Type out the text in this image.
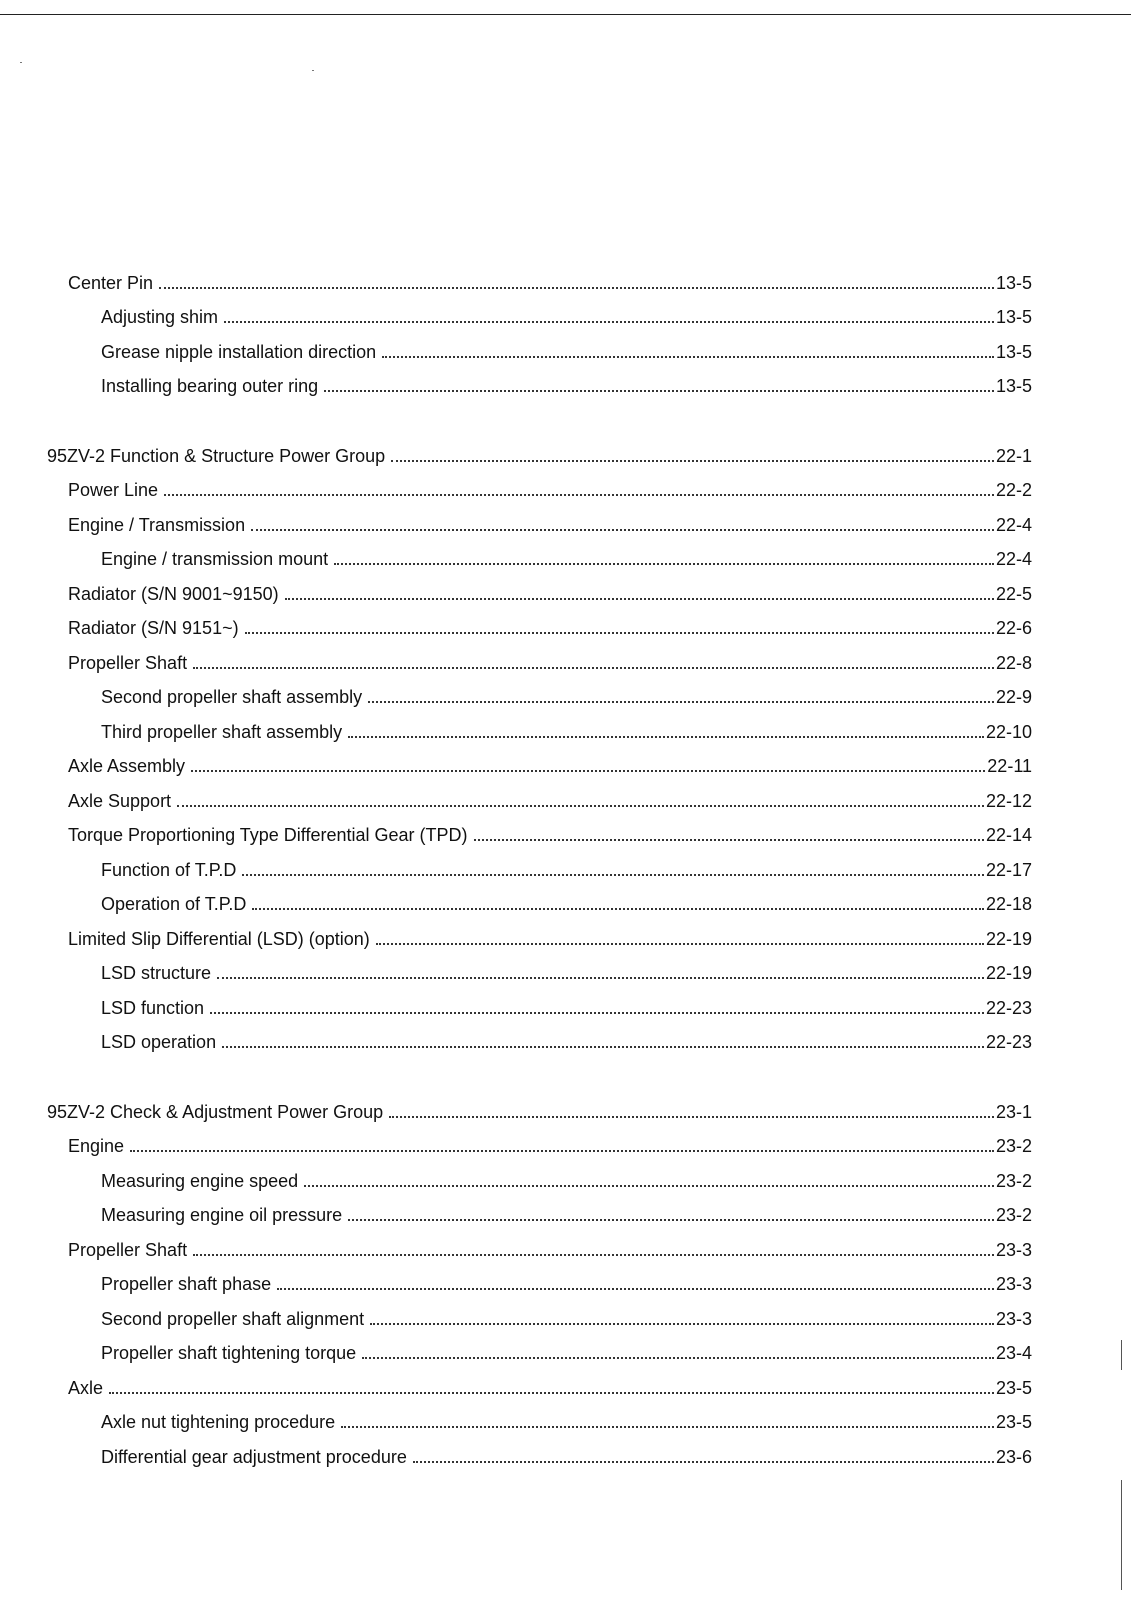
Center Pin	13-5
Adjusting shim	13-5
Grease nipple installation direction	13-5
Installing bearing outer ring	13-5
95ZV-2 Function & Structure Power Group	22-1
Power Line	22-2
Engine / Transmission	22-4
Engine / transmission mount	22-4
Radiator (S/N 9001~9150)	22-5
Radiator (S/N 9151~)	22-6
Propeller Shaft	22-8
Second propeller shaft assembly	22-9
Third propeller shaft assembly	22-10
Axle Assembly	22-11
Axle Support	22-12
Torque Proportioning Type Differential Gear (TPD)	22-14
Function of T.P.D	22-17
Operation of T.P.D	22-18
Limited Slip Differential (LSD) (option)	22-19
LSD structure	22-19
LSD function	22-23
LSD operation	22-23
95ZV-2 Check & Adjustment Power Group	23-1
Engine	23-2
Measuring engine speed	23-2
Measuring engine oil pressure	23-2
Propeller Shaft	23-3
Propeller shaft phase	23-3
Second propeller shaft alignment	23-3
Propeller shaft tightening torque	23-4
Axle	23-5
Axle nut tightening procedure	23-5
Differential gear adjustment procedure	23-6
